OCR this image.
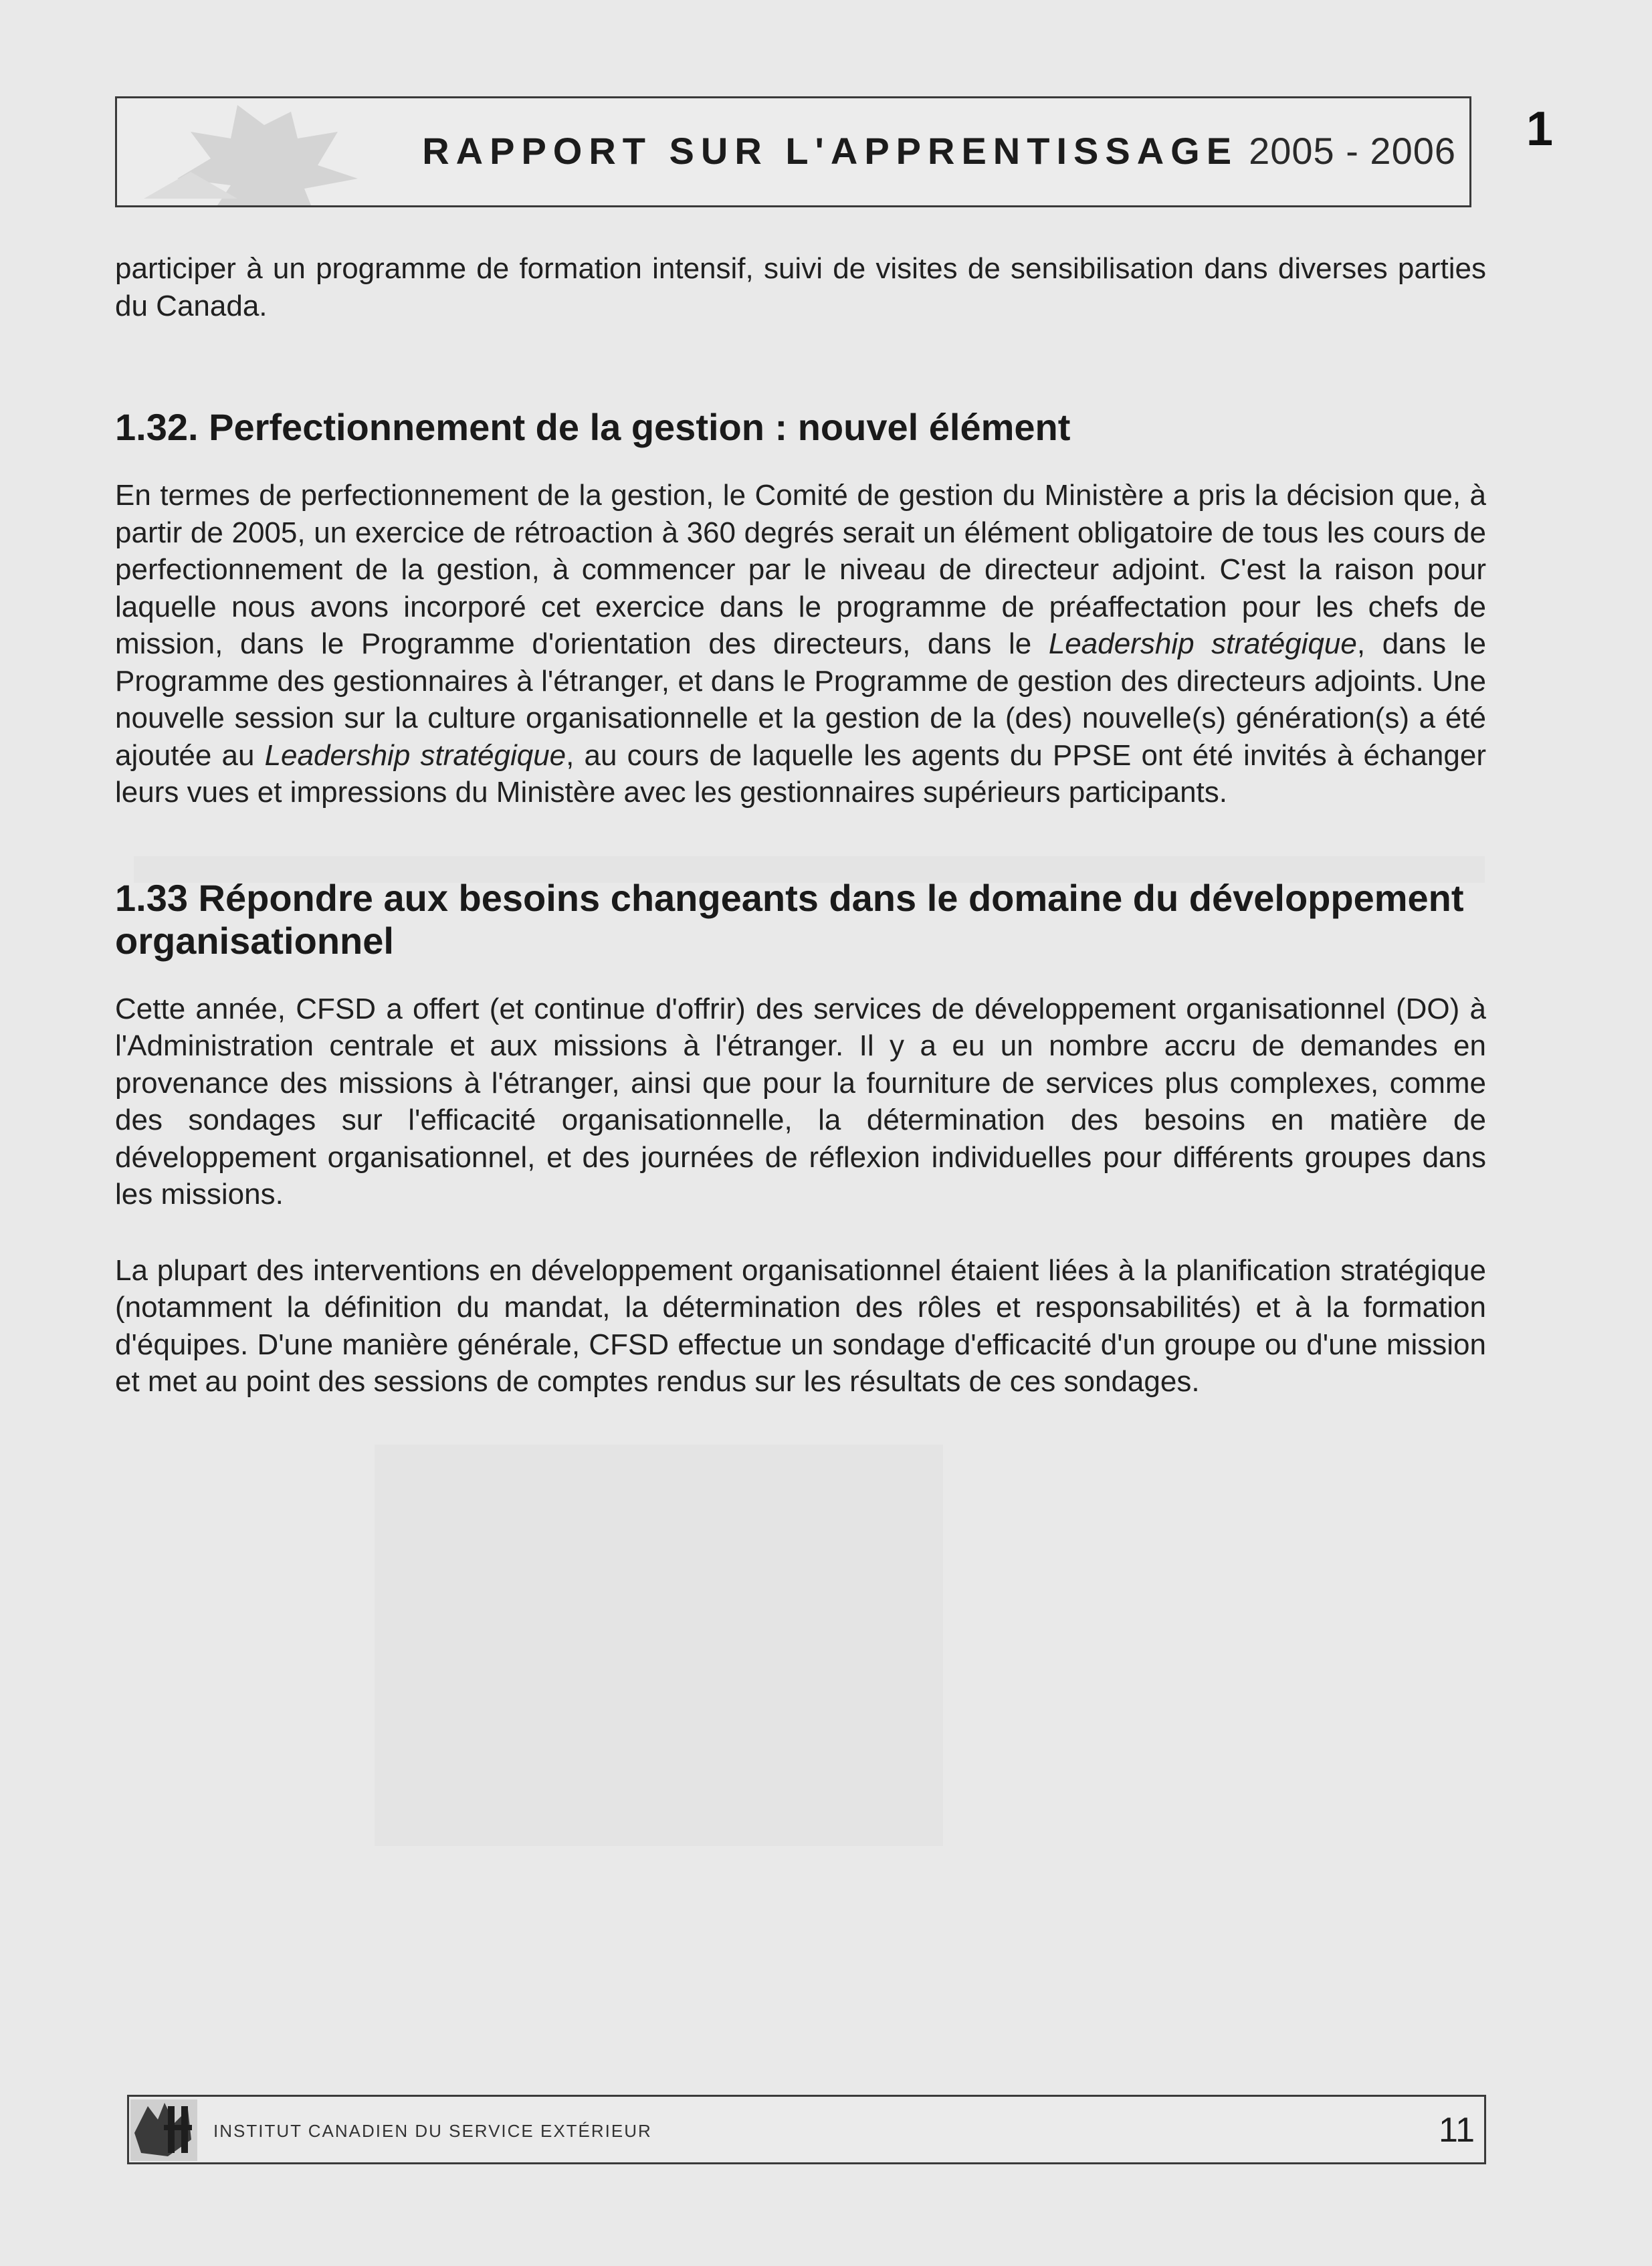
RAPPORT SUR L'APPRENTISSAGE 2005 - 2006 1

participer à un programme de formation intensif, suivi de visites de sensibilisation dans diverses parties du Canada.

1.32. Perfectionnement de la gestion : nouvel élément

En termes de perfectionnement de la gestion, le Comité de gestion du Ministère a pris la décision que, à partir de 2005, un exercice de rétroaction à 360 degrés serait un élément obligatoire de tous les cours de perfectionnement de la gestion, à commencer par le niveau de directeur adjoint. C'est la raison pour laquelle nous avons incorporé cet exercice dans le programme de préaffectation pour les chefs de mission, dans le Programme d'orientation des directeurs, dans le Leadership stratégique, dans le Programme des gestionnaires à l'étranger, et dans le Programme de gestion des directeurs adjoints. Une nouvelle session sur la culture organisationnelle et la gestion de la (des) nouvelle(s) génération(s) a été ajoutée au Leadership stratégique, au cours de laquelle les agents du PPSE ont été invités à échanger leurs vues et impressions du Ministère avec les gestionnaires supérieurs participants.

1.33 Répondre aux besoins changeants dans le domaine du développement organisationnel

Cette année, CFSD a offert (et continue d'offrir) des services de développement organisationnel (DO) à l'Administration centrale et aux missions à l'étranger. Il y a eu un nombre accru de demandes en provenance des missions à l'étranger, ainsi que pour la fourniture de services plus complexes, comme des sondages sur l'efficacité organisationnelle, la détermination des besoins en matière de développement organisationnel, et des journées de réflexion individuelles pour différents groupes dans les missions.

La plupart des interventions en développement organisationnel étaient liées à la planification stratégique (notamment la définition du mandat, la détermination des rôles et responsabilités) et à la formation d'équipes. D'une manière générale, CFSD effectue un sondage d'efficacité d'un groupe ou d'une mission et met au point des sessions de comptes rendus sur les résultats de ces sondages.

INSTITUT CANADIEN DU SERVICE EXTÉRIEUR	11
